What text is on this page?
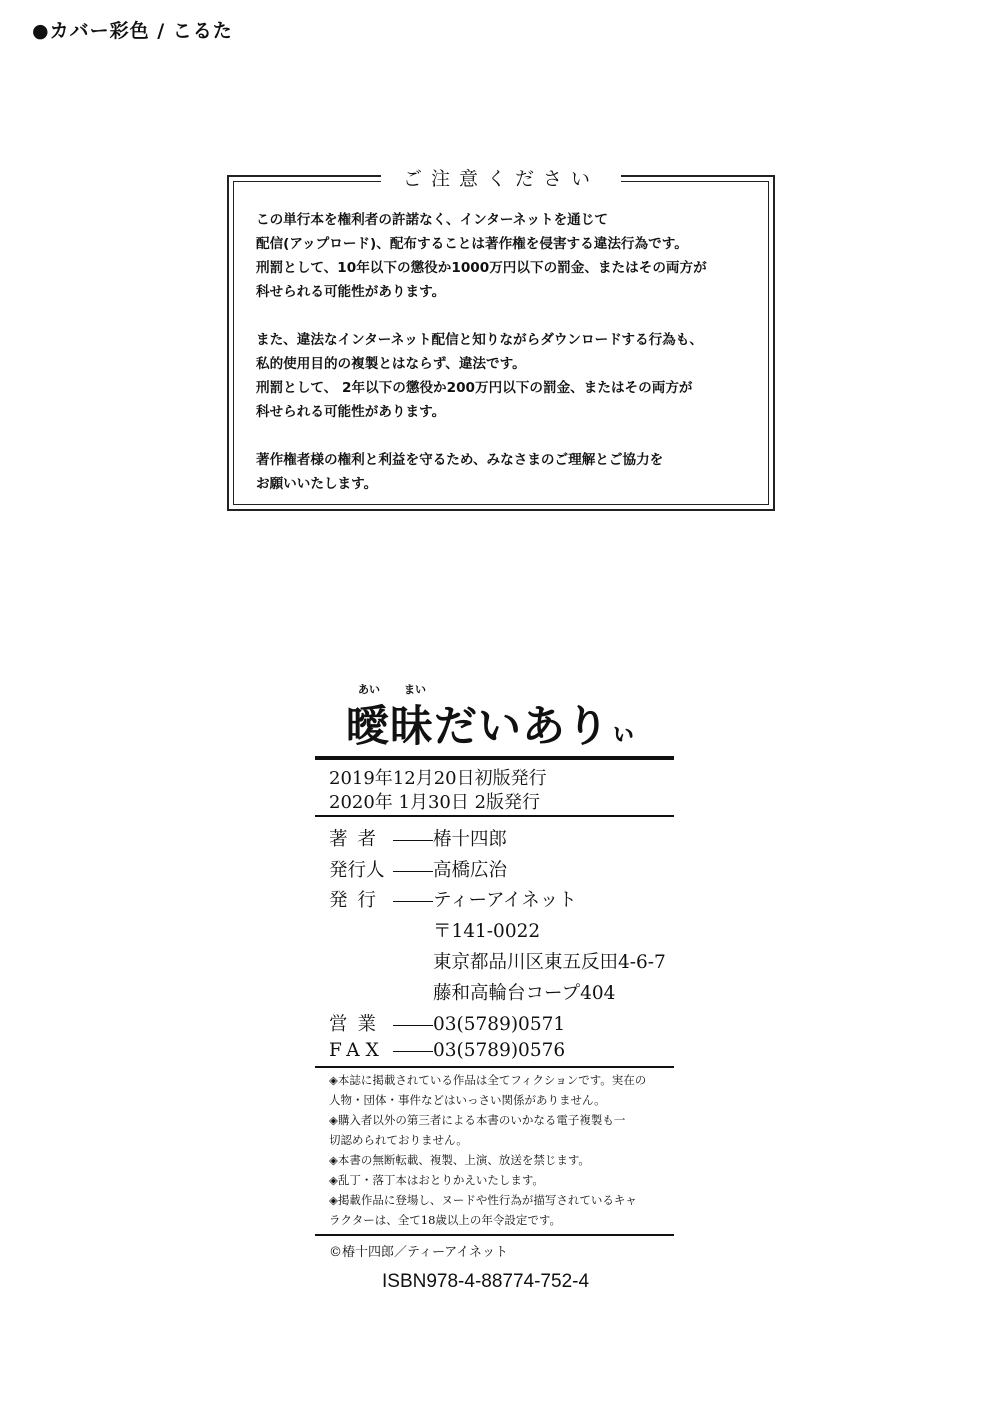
●カバー彩色 / こるた
ご注意ください

この単行本を権利者の許諾なく、インターネットを通じて
配信(アップロード)、配布することは著作権を侵害する違法行為です。
刑罰として、10年以下の懲役か1000万円以下の罰金、またはその両方が
科せられる可能性があります。

また、違法なインターネット配信と知りながらダウンロードする行為も、
私的使用目的の複製とはならず、違法です。
刑罰として、 2年以下の懲役か200万円以下の罰金、またはその両方が
科せられる可能性があります。

著作権者様の権利と利益を守るため、みなさまのご理解とご協力を
お願いいたします。

あい まい
曖昧だいありぃ
2019年12月20日初版発行
2020年 1月30日 2版発行
著者	椿十四郎
発行人	高橋広治
発行	ティーアイネット
〒141-0022
東京都品川区東五反田4-6-7
藤和高輪台コープ404
営業	03(5789)0571
FAX	03(5789)0576
◈本誌に掲載されている作品は全てフィクションです。実在の
人物・団体・事件などはいっさい関係がありません。
◈購入者以外の第三者による本書のいかなる電子複製も一
切認められておりません。
◈本書の無断転載、複製、上演、放送を禁じます。
◈乱丁・落丁本はおとりかえいたします。
◈掲載作品に登場し、ヌードや性行為が描写されているキャ
ラクターは、全て18歳以上の年令設定です。
©椿十四郎／ティーアイネット
ISBN978-4-88774-752-4
